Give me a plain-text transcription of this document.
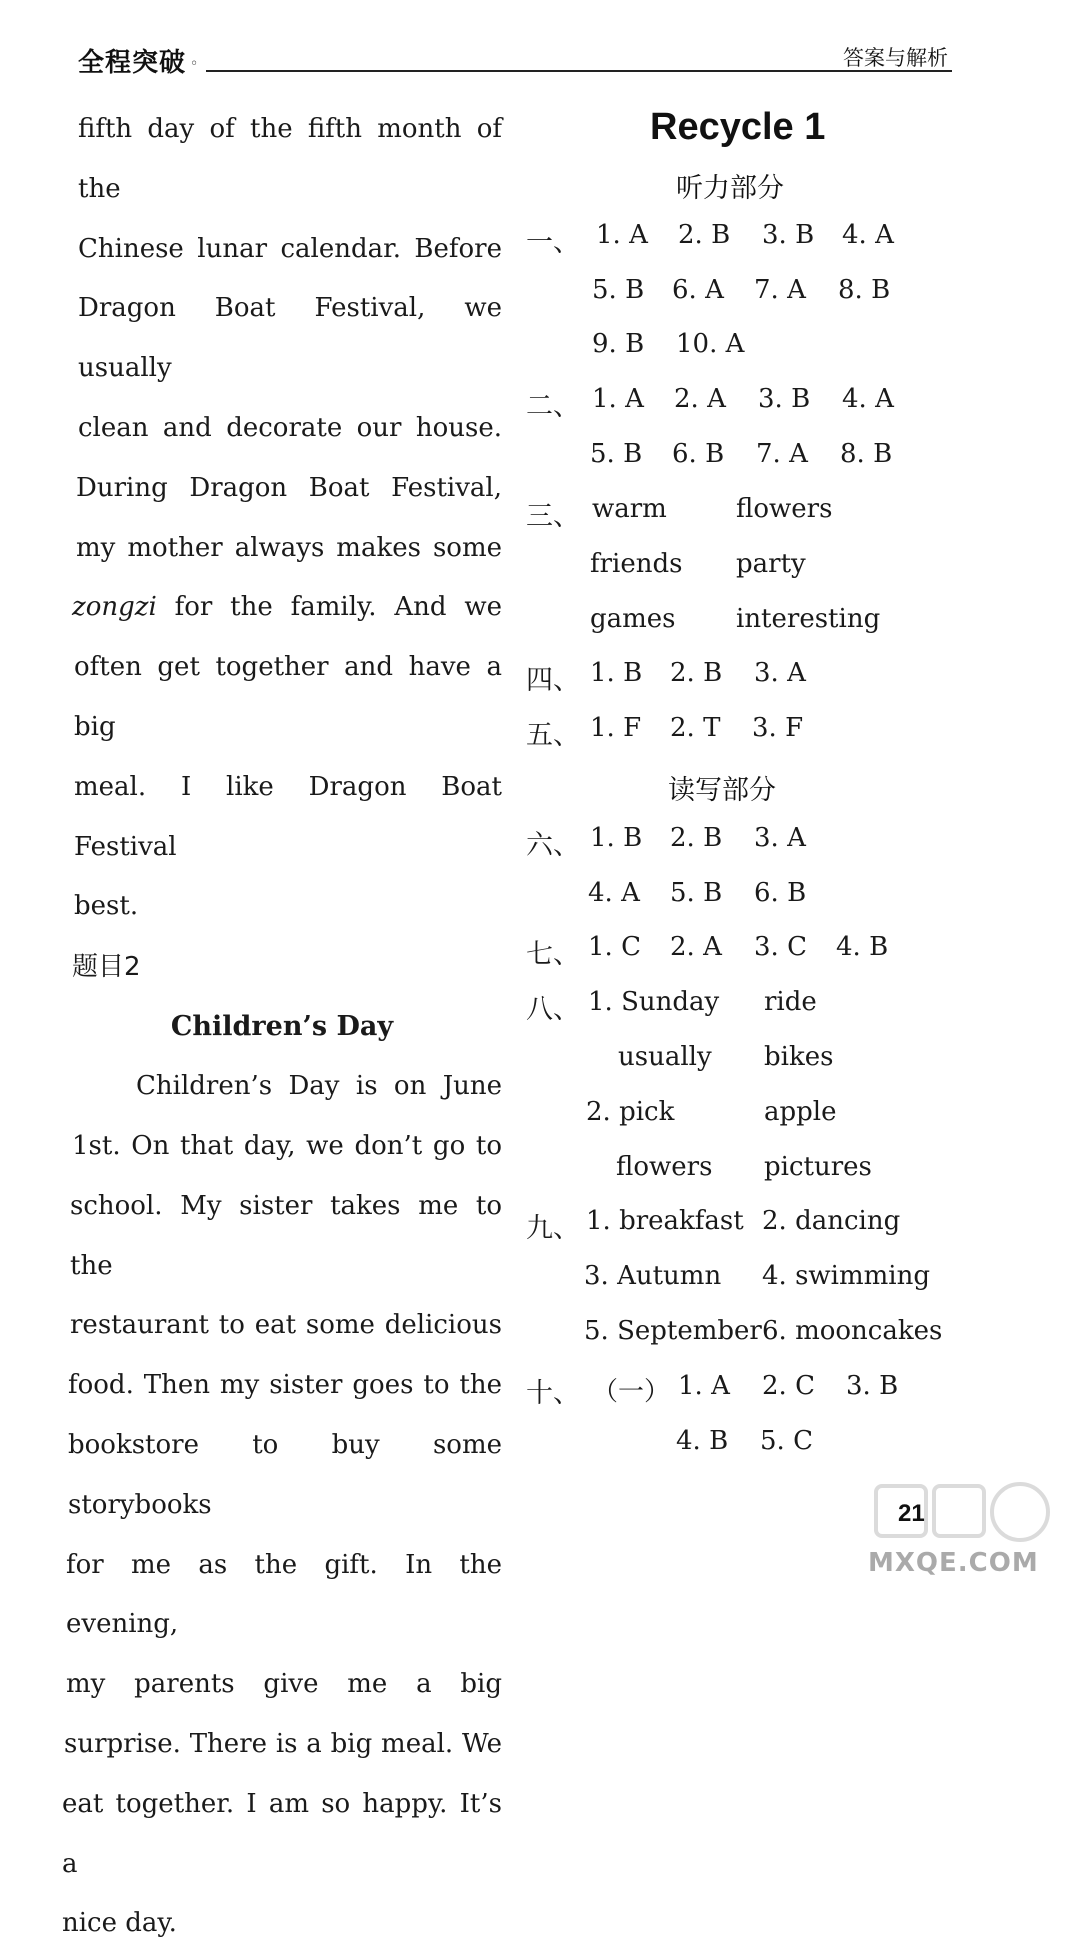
全程突破 ◦	答案与解析

fifth day of the fifth month of the

Chinese lunar calendar. Before

Dragon Boat Festival, we usually

clean and decorate our house.

During Dragon Boat Festival,

my mother always makes some

zongzi for the family. And we

often get together and have a big

meal. I like Dragon Boat Festival

best.

题目2

Children’s Day

Children’s Day is on June

1st. On that day, we don’t go to

school. My sister takes me to the

restaurant to eat some delicious

food. Then my sister goes to the

bookstore to buy some storybooks

for me as the gift. In the evening,

my parents give me a big

surprise. There is a big meal. We

eat together. I am so happy. It’s a

nice day.

Recycle 1
听力部分
一、 1. A 2. B 3. B 4. A
5. B 6. A 7. A 8. B
9. B 10. A
二、 1. A 2. A 3. B 4. A
5. B 6. B 7. A 8. B
三、 warm	flowers
friends party
games interesting
四、 1. B 2. B 3. A
五、 1. F 2. T 3. F
读写部分
六、 1. B 2. B 3. A
4. A 5. B 6. B
七、 1. C 2. A 3. C 4. B
八、 1. Sunday ride
usually bikes
2. pick	apple
flowers pictures
九、 1. breakfast 2. dancing
3. Autumn 4. swimming
5. September 6. mooncakes
十、 （一） 1. A 2. C 3. B
4. B 5. C
21
MXQE.COM
